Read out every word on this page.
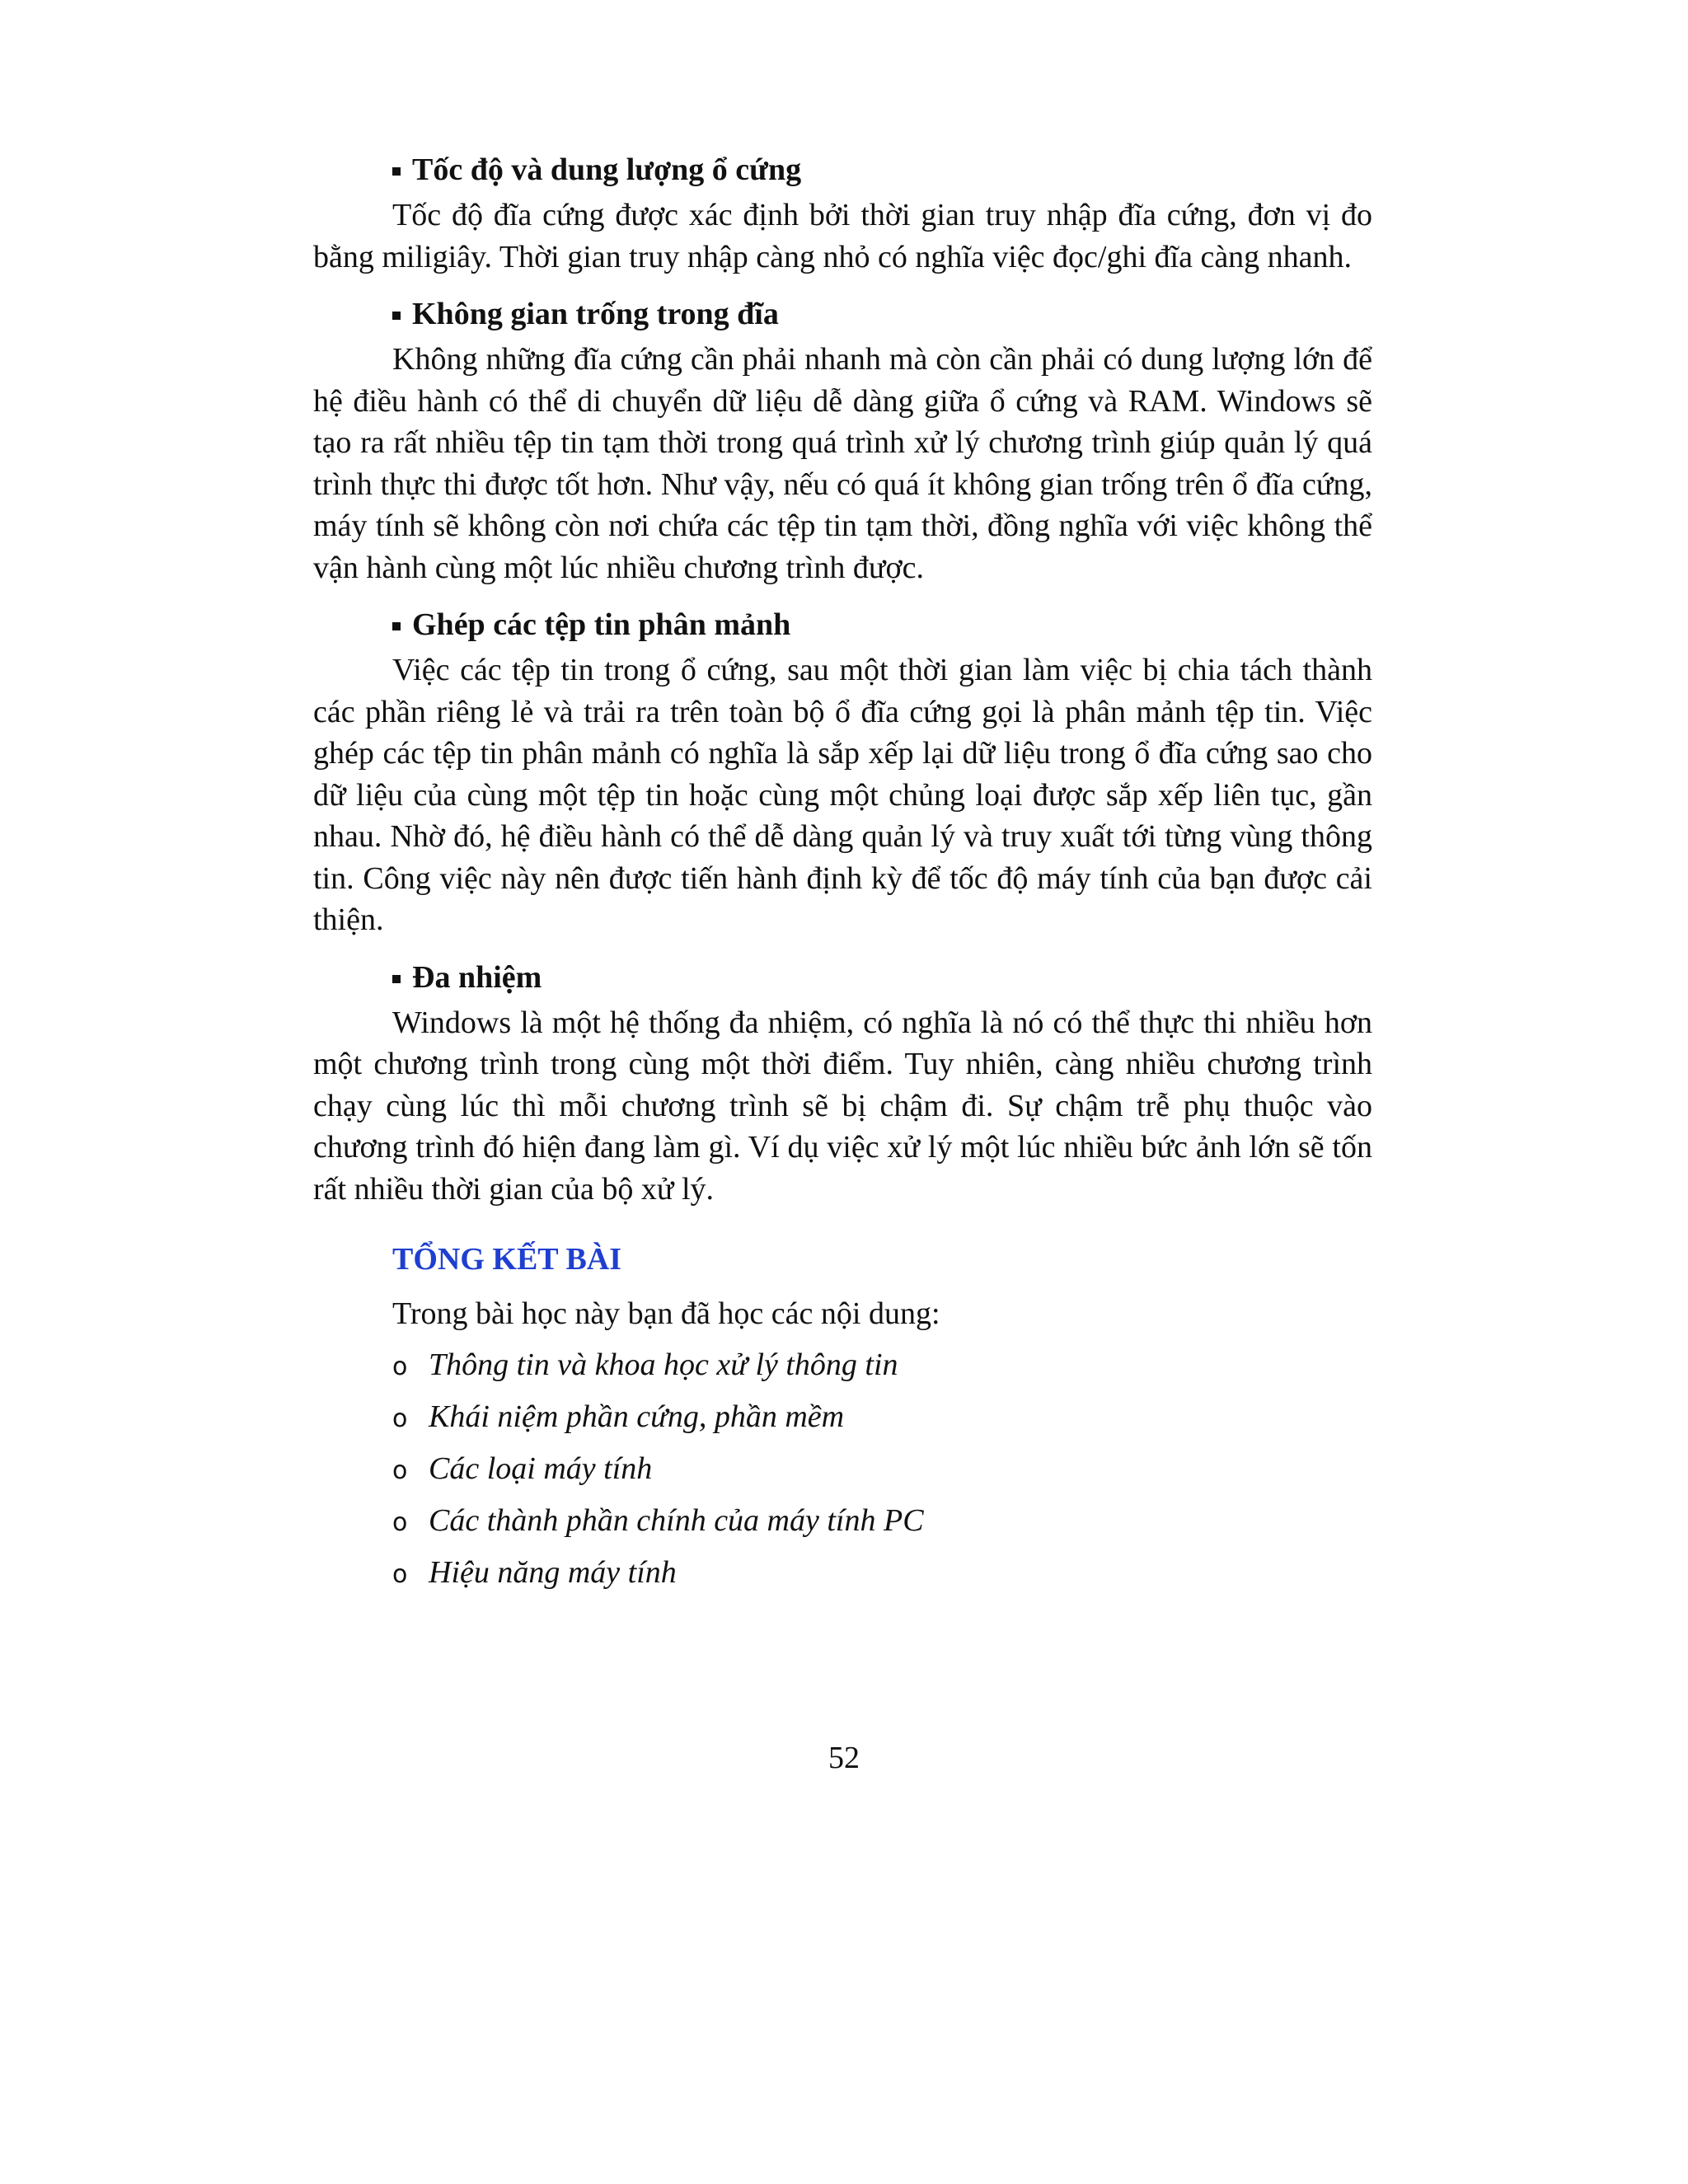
Tốc độ và dung lượng ổ cứng

Tốc độ đĩa cứng được xác định bởi thời gian truy nhập đĩa cứng, đơn vị đo bằng miligiây. Thời gian truy nhập càng nhỏ có nghĩa việc đọc/ghi đĩa càng nhanh.

Không gian trống trong đĩa

Không những đĩa cứng cần phải nhanh mà còn cần phải có dung lượng lớn để hệ điều hành có thể di chuyển dữ liệu dễ dàng giữa ổ cứng và RAM. Windows sẽ tạo ra rất nhiều tệp tin tạm thời trong quá trình xử lý chương trình giúp quản lý quá trình thực thi được tốt hơn. Như vậy, nếu có quá ít không gian trống trên ổ đĩa cứng, máy tính sẽ không còn nơi chứa các tệp tin tạm thời, đồng nghĩa với việc không thể vận hành cùng một lúc nhiều chương trình được.

Ghép các tệp tin phân mảnh

Việc các tệp tin trong ổ cứng, sau một thời gian làm việc bị chia tách thành các phần riêng lẻ và trải ra trên toàn bộ ổ đĩa cứng gọi là phân mảnh tệp tin. Việc ghép các tệp tin phân mảnh có nghĩa là sắp xếp lại dữ liệu trong ổ đĩa cứng sao cho dữ liệu của cùng một tệp tin hoặc cùng một chủng loại được sắp xếp liên tục, gần nhau. Nhờ đó, hệ điều hành có thể dễ dàng quản lý và truy xuất tới từng vùng thông tin. Công việc này nên được tiến hành định kỳ để tốc độ máy tính của bạn được cải thiện.

Đa nhiệm

Windows là một hệ thống đa nhiệm, có nghĩa là nó có thể thực thi nhiều hơn một chương trình trong cùng một thời điểm. Tuy nhiên, càng nhiều chương trình chạy cùng lúc thì mỗi chương trình sẽ bị chậm đi. Sự chậm trễ phụ thuộc vào chương trình đó hiện đang làm gì. Ví dụ việc xử lý một lúc nhiều bức ảnh lớn sẽ tốn rất nhiều thời gian của bộ xử lý.

TỔNG KẾT BÀI

Trong bài học này bạn đã học các nội dung:

o Thông tin và khoa học xử lý thông tin
o Khái niệm phần cứng, phần mềm
o Các loại máy tính
o Các thành phần chính của máy tính PC
o Hiệu năng máy tính
52
